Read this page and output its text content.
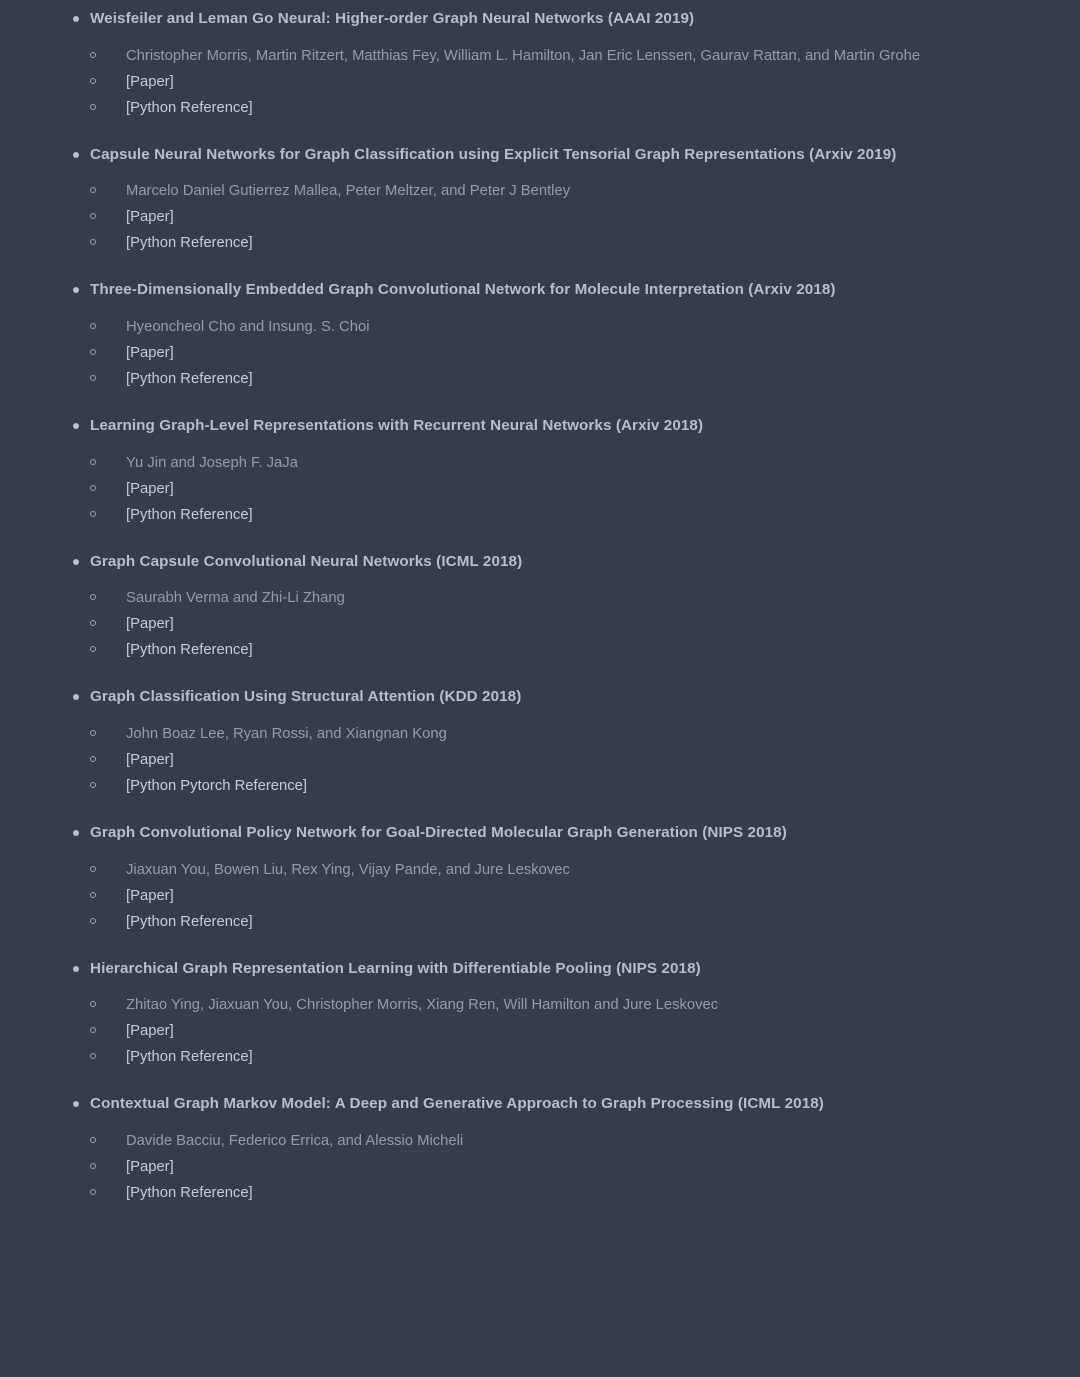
Weisfeiler and Leman Go Neural: Higher-order Graph Neural Networks (AAAI 2019)
Christopher Morris, Martin Ritzert, Matthias Fey, William L. Hamilton, Jan Eric Lenssen, Gaurav Rattan, and Martin Grohe
[Paper]
[Python Reference]
Capsule Neural Networks for Graph Classification using Explicit Tensorial Graph Representations (Arxiv 2019)
Marcelo Daniel Gutierrez Mallea, Peter Meltzer, and Peter J Bentley
[Paper]
[Python Reference]
Three-Dimensionally Embedded Graph Convolutional Network for Molecule Interpretation (Arxiv 2018)
Hyeoncheol Cho and Insung. S. Choi
[Paper]
[Python Reference]
Learning Graph-Level Representations with Recurrent Neural Networks (Arxiv 2018)
Yu Jin and Joseph F. JaJa
[Paper]
[Python Reference]
Graph Capsule Convolutional Neural Networks (ICML 2018)
Saurabh Verma and Zhi-Li Zhang
[Paper]
[Python Reference]
Graph Classification Using Structural Attention (KDD 2018)
John Boaz Lee, Ryan Rossi, and Xiangnan Kong
[Paper]
[Python Pytorch Reference]
Graph Convolutional Policy Network for Goal-Directed Molecular Graph Generation (NIPS 2018)
Jiaxuan You, Bowen Liu, Rex Ying, Vijay Pande, and Jure Leskovec
[Paper]
[Python Reference]
Hierarchical Graph Representation Learning with Differentiable Pooling (NIPS 2018)
Zhitao Ying, Jiaxuan You, Christopher Morris, Xiang Ren, Will Hamilton and Jure Leskovec
[Paper]
[Python Reference]
Contextual Graph Markov Model: A Deep and Generative Approach to Graph Processing (ICML 2018)
Davide Bacciu, Federico Errica, and Alessio Micheli
[Paper]
[Python Reference]
